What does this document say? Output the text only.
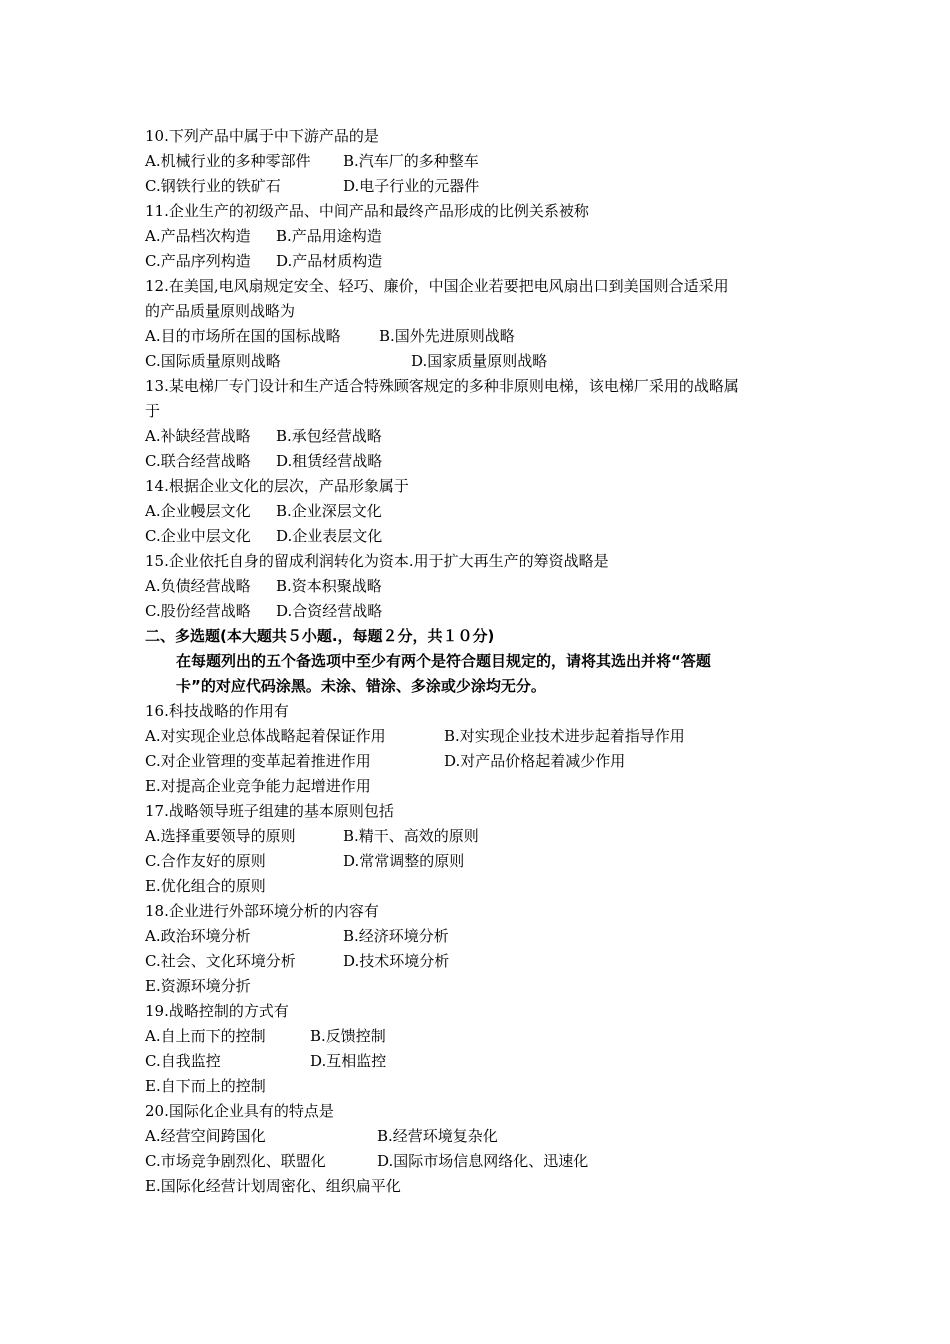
10.下列产品中属于中下游产品的是
A.机械行业的多种零部件 B.汽车厂的多种整车
C.钢铁行业的铁矿石	D.电子行业的元器件
11.企业生产的初级产品、中间产品和最终产品形成的比例关系被称
A.产品档次构造 B.产品用途构造
C.产品序列构造 D.产品材质构造
12.在美国,电风扇规定安全、轻巧、廉价，中国企业若要把电风扇出口到美国则合适采用
的产品质量原则战略为
A.目的市场所在国的国标战略	B.国外先进原则战略
C.国际质量原则战略	D.国家质量原则战略
13.某电梯厂专门设计和生产适合特殊顾客规定的多种非原则电梯，该电梯厂采用的战略属
于
A.补缺经营战略 B.承包经营战略
C.联合经营战略 D.租赁经营战略
14.根据企业文化的层次，产品形象属于
A.企业幔层文化 B.企业深层文化
C.企业中层文化 D.企业表层文化
15.企业依托自身的留成利润转化为资本.用于扩大再生产的筹资战略是
A.负债经营战略 B.资本积聚战略
C.股份经营战略 D.合资经营战略
二、多选题(本大题共５小题.，每题２分，共１０分)
在每题列出的五个备选项中至少有两个是符合题目规定的，请将其选出并将“答题
卡”的对应代码涂黑。未涂、错涂、多涂或少涂均无分。
16.科技战略的作用有
A.对实现企业总体战略起着保证作用	B.对实现企业技术进步起着指导作用
C.对企业管理的变革起着推进作用	D.对产品价格起着减少作用
E.对提高企业竞争能力起增进作用
17.战略领导班子组建的基本原则包括
A.选择重要领导的原则	B.精干、高效的原则
C.合作友好的原则	D.常常调整的原则
E.优化组合的原则
18.企业进行外部环境分析的内容有
A.政治环境分析	B.经济环境分析
C.社会、文化环境分析	D.技术环境分析
E.资源环境分折
19.战略控制的方式有
A.自上而下的控制	B.反馈控制
C.自我监控	D.互相监控
E.自下而上的控制
20.国际化企业具有的特点是
A.经营空间跨国化	B.经营环境复杂化
C.市场竞争剧烈化、联盟化	D.国际市场信息网络化、迅速化
E.国际化经营计划周密化、组织扁平化
